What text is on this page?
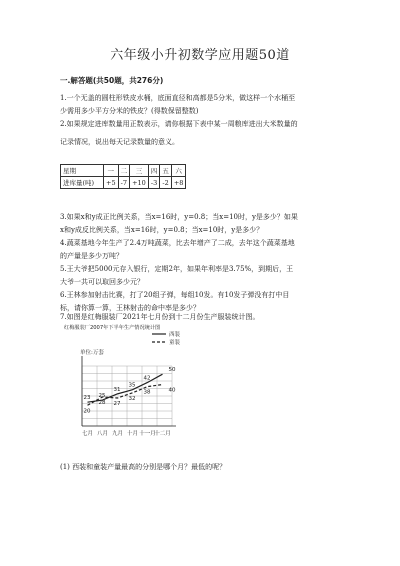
六年级小升初数学应用题50道
一.解答题(共50题，共276分)
1.一个无盖的圆柱形铁皮水桶，底面直径和高都是5分米，做这样一个水桶至
少需用多少平方分米的铁皮？(得数保留整数)
2.如果规定进库数量用正数表示，请你根据下表中某一周粮库进出大米数量的
记录情况，说出每天记录数量的意义。
星期	一	二	三	四	五	六
进库量(吨)	+5	-7	+10	-3	-2	+8
3.如果x和y成正比例关系，当x=16时，y=0.8；当x=10时，y是多少？如果
x和y成反比例关系，当x=16时，y=0.8；当x=10时，y是多少？
4.蔬菜基地今年生产了2.4万吨蔬菜，比去年增产了二成，去年这个蔬菜基地
的产量是多少万吨？
5.王大爷把5000元存入银行，定期2年，如果年利率是3.75%，到期后，王
大爷一共可以取回多少元？
6.王林参加射击比赛，打了20组子弹，每组10发。有10发子弹没有打中目
标，请你算一算，王林射击的命中率是多少？
7.如图是红梅服装厂2021年七月份到十二月份生产服装统计图。
红梅服装厂2007年下半年生产情况统计图
单位:万套
西装
童装
七月 八月 九月 十月 十一月
十二月
23 25
31
35
42
50
20
28 27
32
38	40
(1) 西装和童装产量最高的分别是哪个月？最低的呢？
